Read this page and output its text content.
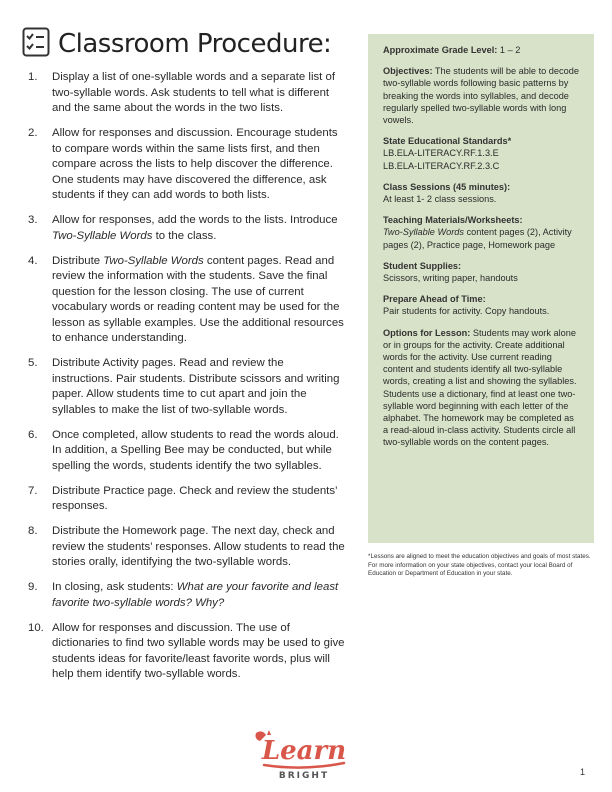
Classroom Procedure:
1.	Display a list of one-syllable words and a separate list of two-syllable words. Ask students to tell what is different and the same about the words in the two lists.
2.	Allow for responses and discussion. Encourage students to compare words within the same lists first, and then compare across the lists to help discover the difference. One students may have discovered the difference, ask students if they can add words to both lists.
3.	Allow for responses, add the words to the lists. Introduce Two-Syllable Words to the class.
4.	Distribute Two-Syllable Words content pages. Read and review the information with the students. Save the final question for the lesson closing. The use of current vocabulary words or reading content may be used for the lesson as syllable examples. Use the additional resources to enhance understanding.
5.	Distribute Activity pages. Read and review the instructions. Pair students. Distribute scissors and writing paper. Allow students time to cut apart and join the syllables to make the list of two-syllable words.
6.	Once completed, allow students to read the words aloud. In addition, a Spelling Bee may be conducted, but while spelling the words, students identify the two syllables.
7.	Distribute Practice page. Check and review the students’ responses.
8.	Distribute the Homework page. The next day, check and review the students’ responses. Allow students to read the stories orally, identifying the two-syllable words.
9.	In closing, ask students: What are your favorite and least favorite two-syllable words? Why?
10. Allow for responses and discussion. The use of dictionaries to find two syllable words may be used to give students ideas for favorite/least favorite words, plus will help them identify two-syllable words.
Approximate Grade Level: 1 – 2
Objectives: The students will be able to decode two-syllable words following basic patterns by breaking the words into syllables, and decode regularly spelled two-syllable words with long vowels.
State Educational Standards*
LB.ELA-LITERACY.RF.1.3.E
LB.ELA-LITERACY.RF.2.3.C
Class Sessions (45 minutes):
At least 1- 2 class sessions.
Teaching Materials/Worksheets:
Two-Syllable Words content pages (2), Activity pages (2), Practice page, Homework page
Student Supplies:
Scissors, writing paper, handouts
Prepare Ahead of Time:
Pair students for activity. Copy handouts.
Options for Lesson: Students may work alone or in groups for the activity. Create additional words for the activity. Use current reading content and students identify all two-syllable words, creating a list and showing the syllables. Students use a dictionary, find at least one two-syllable word beginning with each letter of the alphabet. The homework may be completed as a read-aloud in-class activity. Students circle all two-syllable words on the content pages.
*Lessons are aligned to meet the education objectives and goals of most states. For more information on your state objectives, contact your local Board of Education or Department of Education in your state.
Learn
BRIGHT	1
